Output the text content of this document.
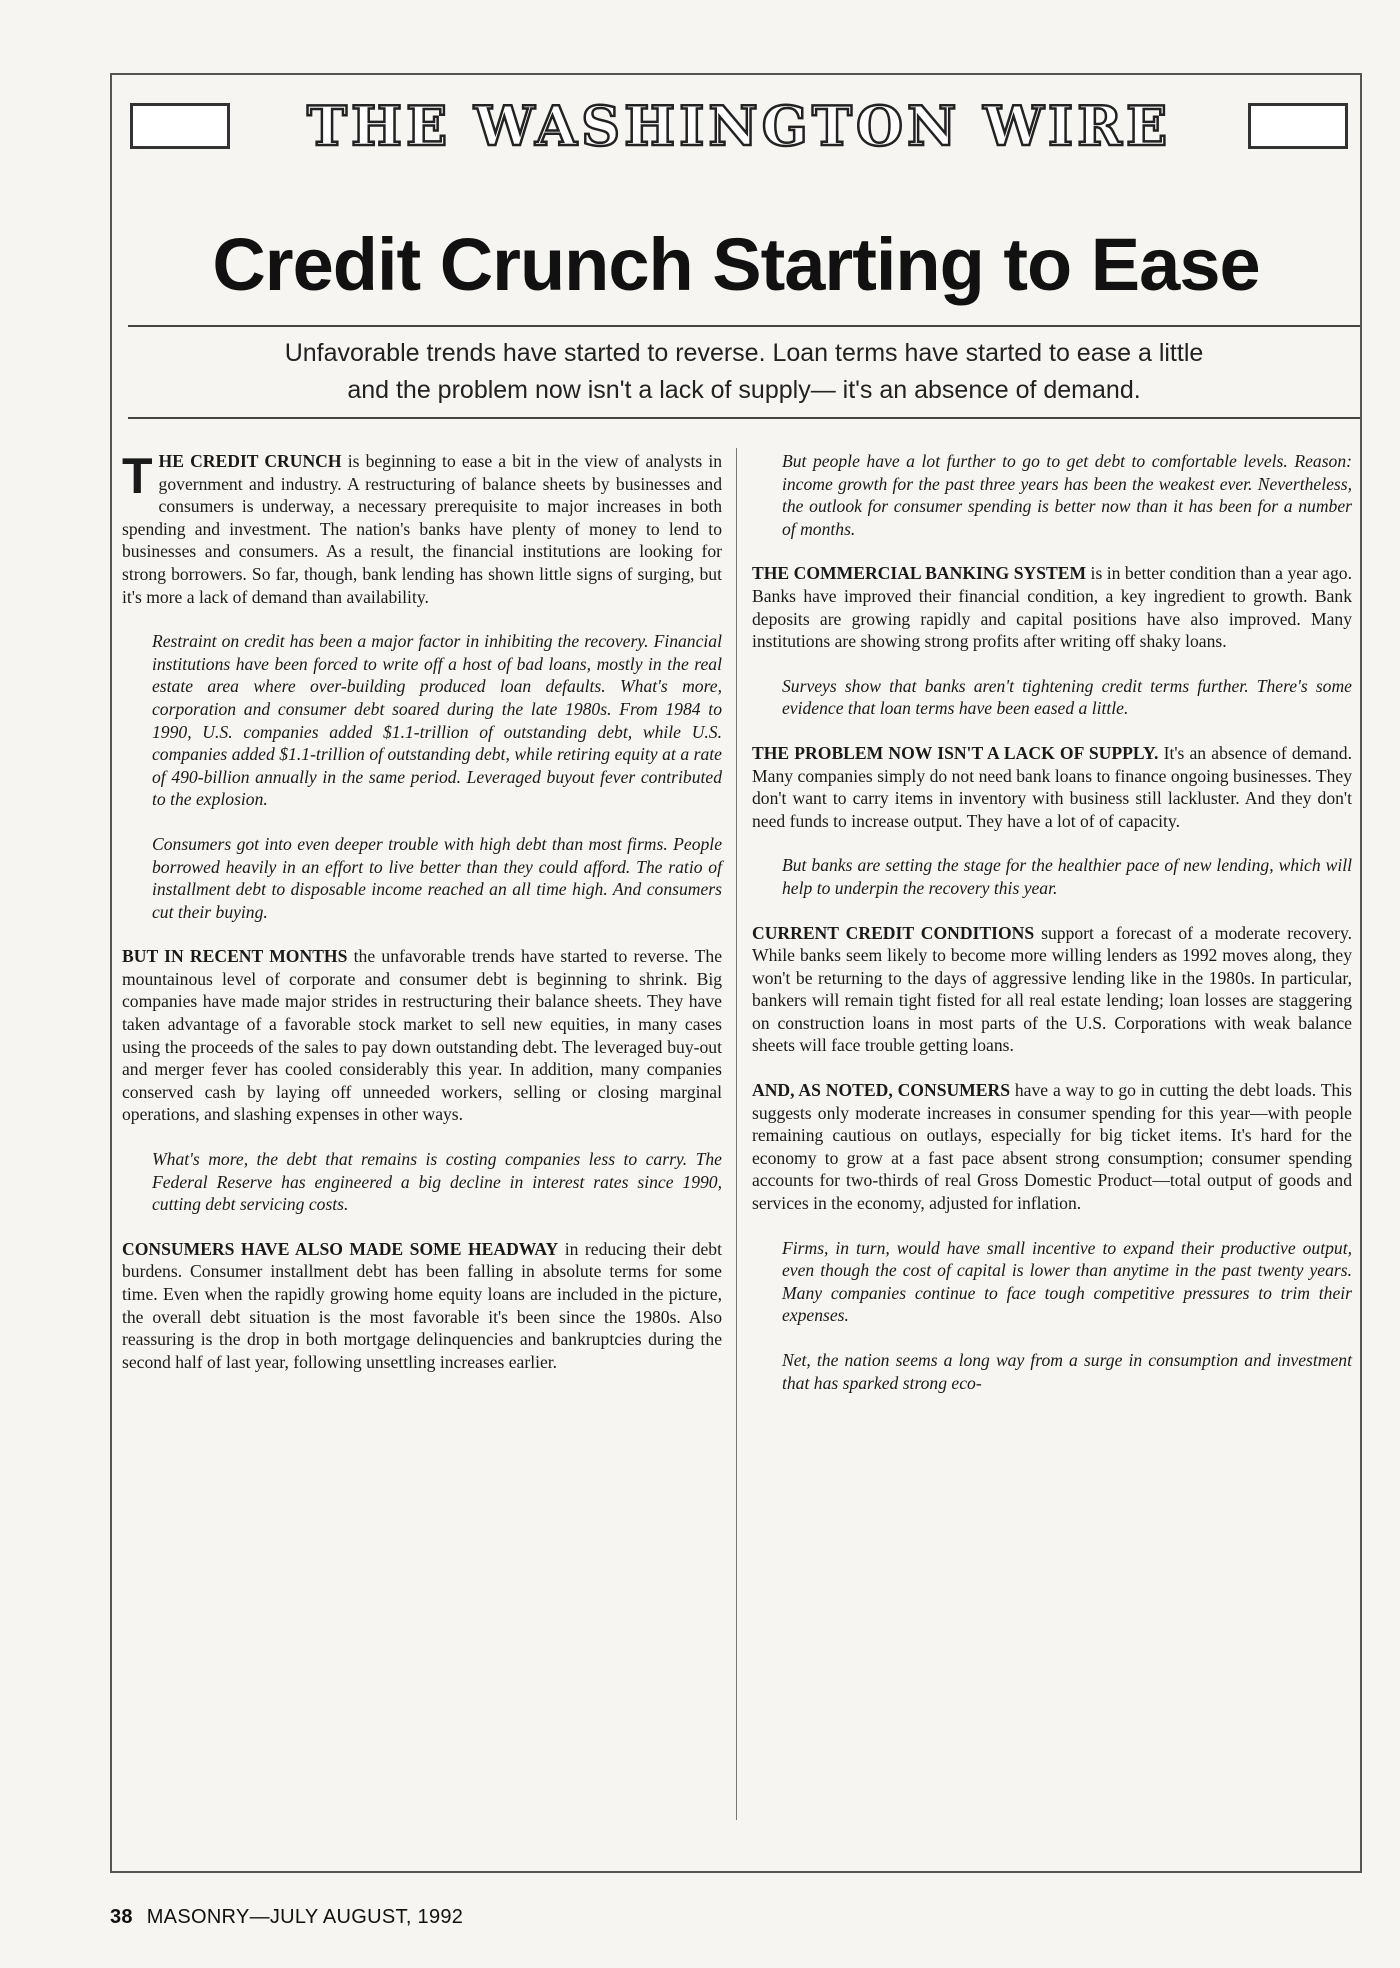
THE WASHINGTON WIRE
Credit Crunch Starting to Ease
Unfavorable trends have started to reverse. Loan terms have started to ease a little
and the problem now isn't a lack of supply— it's an absence of demand.

THE CREDIT CRUNCH is beginning to ease a bit in the view of analysts in government and industry. A restructuring of balance sheets by businesses and consumers is underway, a necessary prerequisite to major increases in both spending and investment. The nation's banks have plenty of money to lend to businesses and consumers. As a result, the financial institutions are looking for strong borrowers. So far, though, bank lending has shown little signs of surging, but it's more a lack of demand than availability.

Restraint on credit has been a major factor in inhibiting the recovery. Financial institutions have been forced to write off a host of bad loans, mostly in the real estate area where over-building produced loan defaults. What's more, corporation and consumer debt soared during the late 1980s. From 1984 to 1990, U.S. companies added $1.1-trillion of outstanding debt, while U.S. companies added $1.1-trillion of outstanding debt, while retiring equity at a rate of 490-billion annually in the same period. Leveraged buyout fever contributed to the explosion.

Consumers got into even deeper trouble with high debt than most firms. People borrowed heavily in an effort to live better than they could afford. The ratio of installment debt to disposable income reached an all time high. And consumers cut their buying.

BUT IN RECENT MONTHS the unfavorable trends have started to reverse. The mountainous level of corporate and consumer debt is beginning to shrink. Big companies have made major strides in restructuring their balance sheets. They have taken advantage of a favorable stock market to sell new equities, in many cases using the proceeds of the sales to pay down outstanding debt. The leveraged buy-out and merger fever has cooled considerably this year. In addition, many companies conserved cash by laying off unneeded workers, selling or closing marginal operations, and slashing expenses in other ways.

What's more, the debt that remains is costing companies less to carry. The Federal Reserve has engineered a big decline in interest rates since 1990, cutting debt servicing costs.

CONSUMERS HAVE ALSO MADE SOME HEADWAY in reducing their debt burdens. Consumer installment debt has been falling in absolute terms for some time. Even when the rapidly growing home equity loans are included in the picture, the overall debt situation is the most favorable it's been since the 1980s. Also reassuring is the drop in both mortgage delinquencies and bankruptcies during the second half of last year, following unsettling increases earlier.

But people have a lot further to go to get debt to comfortable levels. Reason: income growth for the past three years has been the weakest ever. Nevertheless, the outlook for consumer spending is better now than it has been for a number of months.

THE COMMERCIAL BANKING SYSTEM is in better condition than a year ago. Banks have improved their financial condition, a key ingredient to growth. Bank deposits are growing rapidly and capital positions have also improved. Many institutions are showing strong profits after writing off shaky loans.

Surveys show that banks aren't tightening credit terms further. There's some evidence that loan terms have been eased a little.

THE PROBLEM NOW ISN'T A LACK OF SUPPLY. It's an absence of demand. Many companies simply do not need bank loans to finance ongoing businesses. They don't want to carry items in inventory with business still lackluster. And they don't need funds to increase output. They have a lot of of capacity.

But banks are setting the stage for the healthier pace of new lending, which will help to underpin the recovery this year.

CURRENT CREDIT CONDITIONS support a forecast of a moderate recovery. While banks seem likely to become more willing lenders as 1992 moves along, they won't be returning to the days of aggressive lending like in the 1980s. In particular, bankers will remain tight fisted for all real estate lending; loan losses are staggering on construction loans in most parts of the U.S. Corporations with weak balance sheets will face trouble getting loans.

AND, AS NOTED, CONSUMERS have a way to go in cutting the debt loads. This suggests only moderate increases in consumer spending for this year—with people remaining cautious on outlays, especially for big ticket items. It's hard for the economy to grow at a fast pace absent strong consumption; consumer spending accounts for two-thirds of real Gross Domestic Product—total output of goods and services in the economy, adjusted for inflation.

Firms, in turn, would have small incentive to expand their productive output, even though the cost of capital is lower than anytime in the past twenty years. Many companies continue to face tough competitive pressures to trim their expenses.

Net, the nation seems a long way from a surge in consumption and investment that has sparked strong eco-

38 MASONRY—JULY AUGUST, 1992
